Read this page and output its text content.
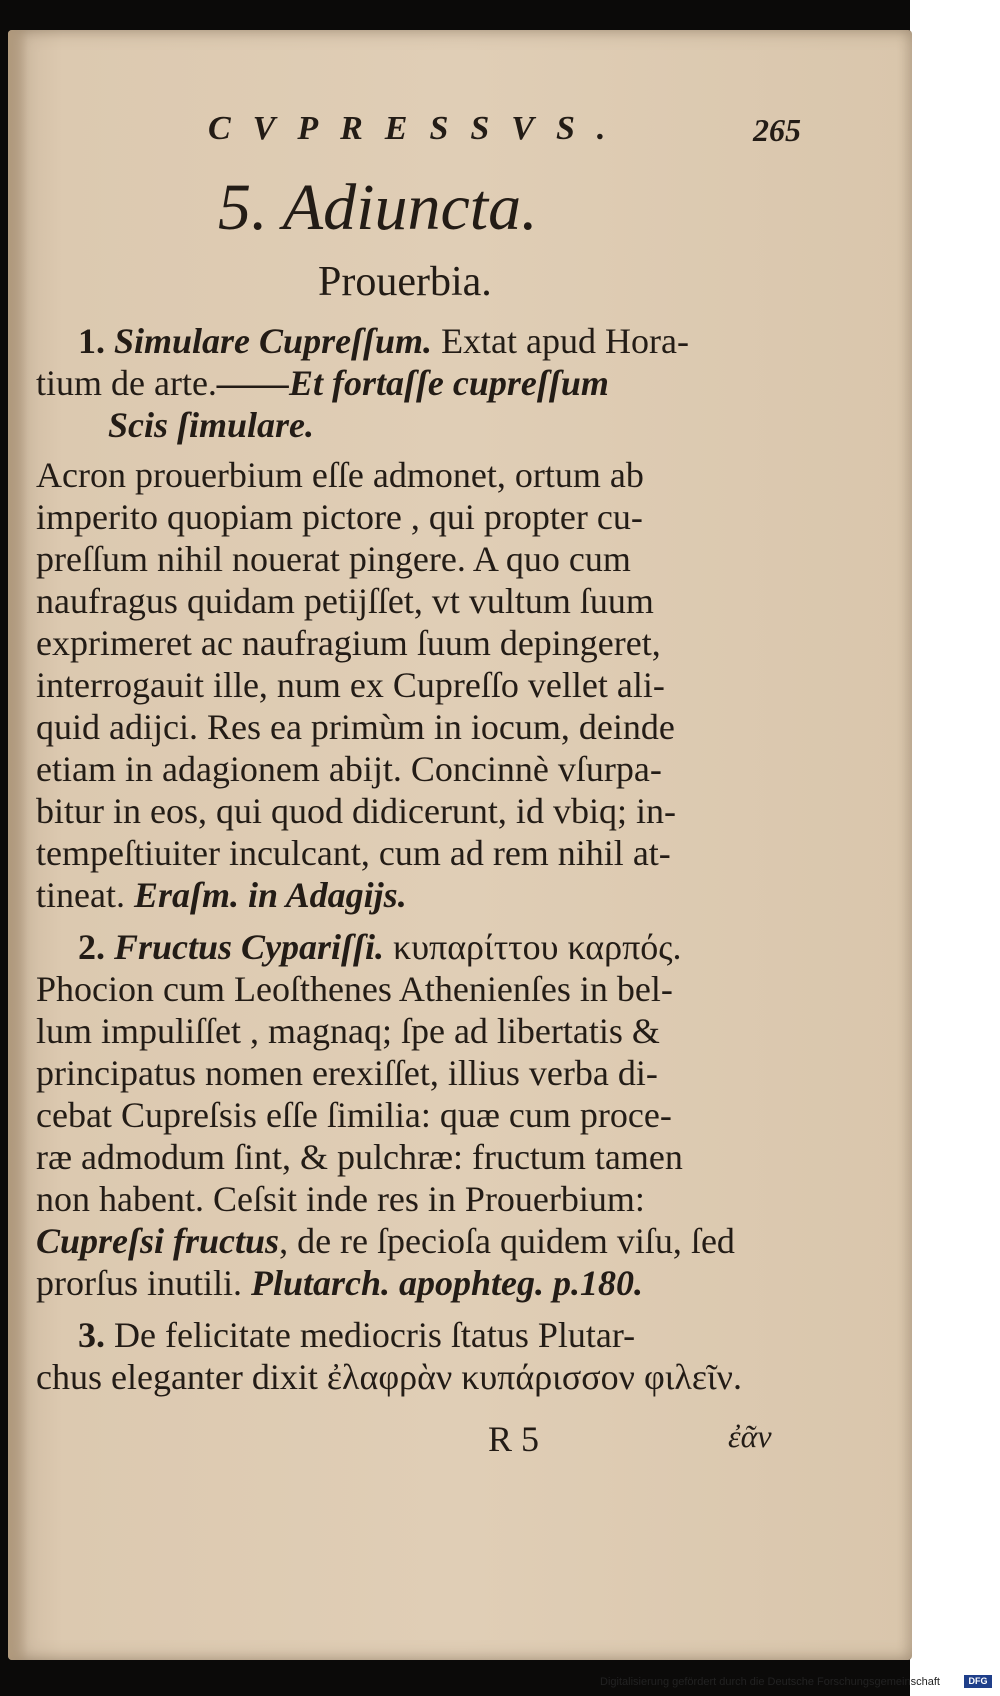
CVPRESSVS.	265
5. Adiuncta.
Prouerbia.
1. Simulare Cupreſſum. Extat apud Hora-
tium de arte.——Et fortaſſe cupreſſum
Scis ſimulare.
Acron prouerbium eſſe admonet, ortum ab
imperito quopiam pictore , qui propter cu-
preſſum nihil nouerat pingere. A quo cum
naufragus quidam petijſſet, vt vultum ſuum
exprimeret ac naufragium ſuum depingeret,
interrogauit ille, num ex Cupreſſo vellet ali-
quid adijci. Res ea primùm in iocum, deinde
etiam in adagionem abijt. Concinnè vſurpa-
bitur in eos, qui quod didicerunt, id vbiq; in-
tempeſtiuiter inculcant, cum ad rem nihil at-
tineat. Eraſm. in Adagijs.
2. Fructus Cypariſſi. κυπαρίττου καρπός.
Phocion cum Leoſthenes Athenienſes in bel-
lum impuliſſet , magnaq; ſpe ad libertatis &
principatus nomen erexiſſet, illius verba di-
cebat Cupreſsis eſſe ſimilia: quæ cum proce-
ræ admodum ſint, & pulchræ: fructum tamen
non habent. Ceſsit inde res in Prouerbium:
Cupreſsi fructus, de re ſpecioſa quidem viſu, ſed
prorſus inutili. Plutarch. apophteg. p.180.
3. De felicitate mediocris ſtatus Plutar-
chus eleganter dixit ἐλαφρὰν κυπάρισσον φιλεῖν.
R 5	ἐᾶν
Digitalisierung gefördert durch die Deutsche Forschungsgemeinschaft	DFG
